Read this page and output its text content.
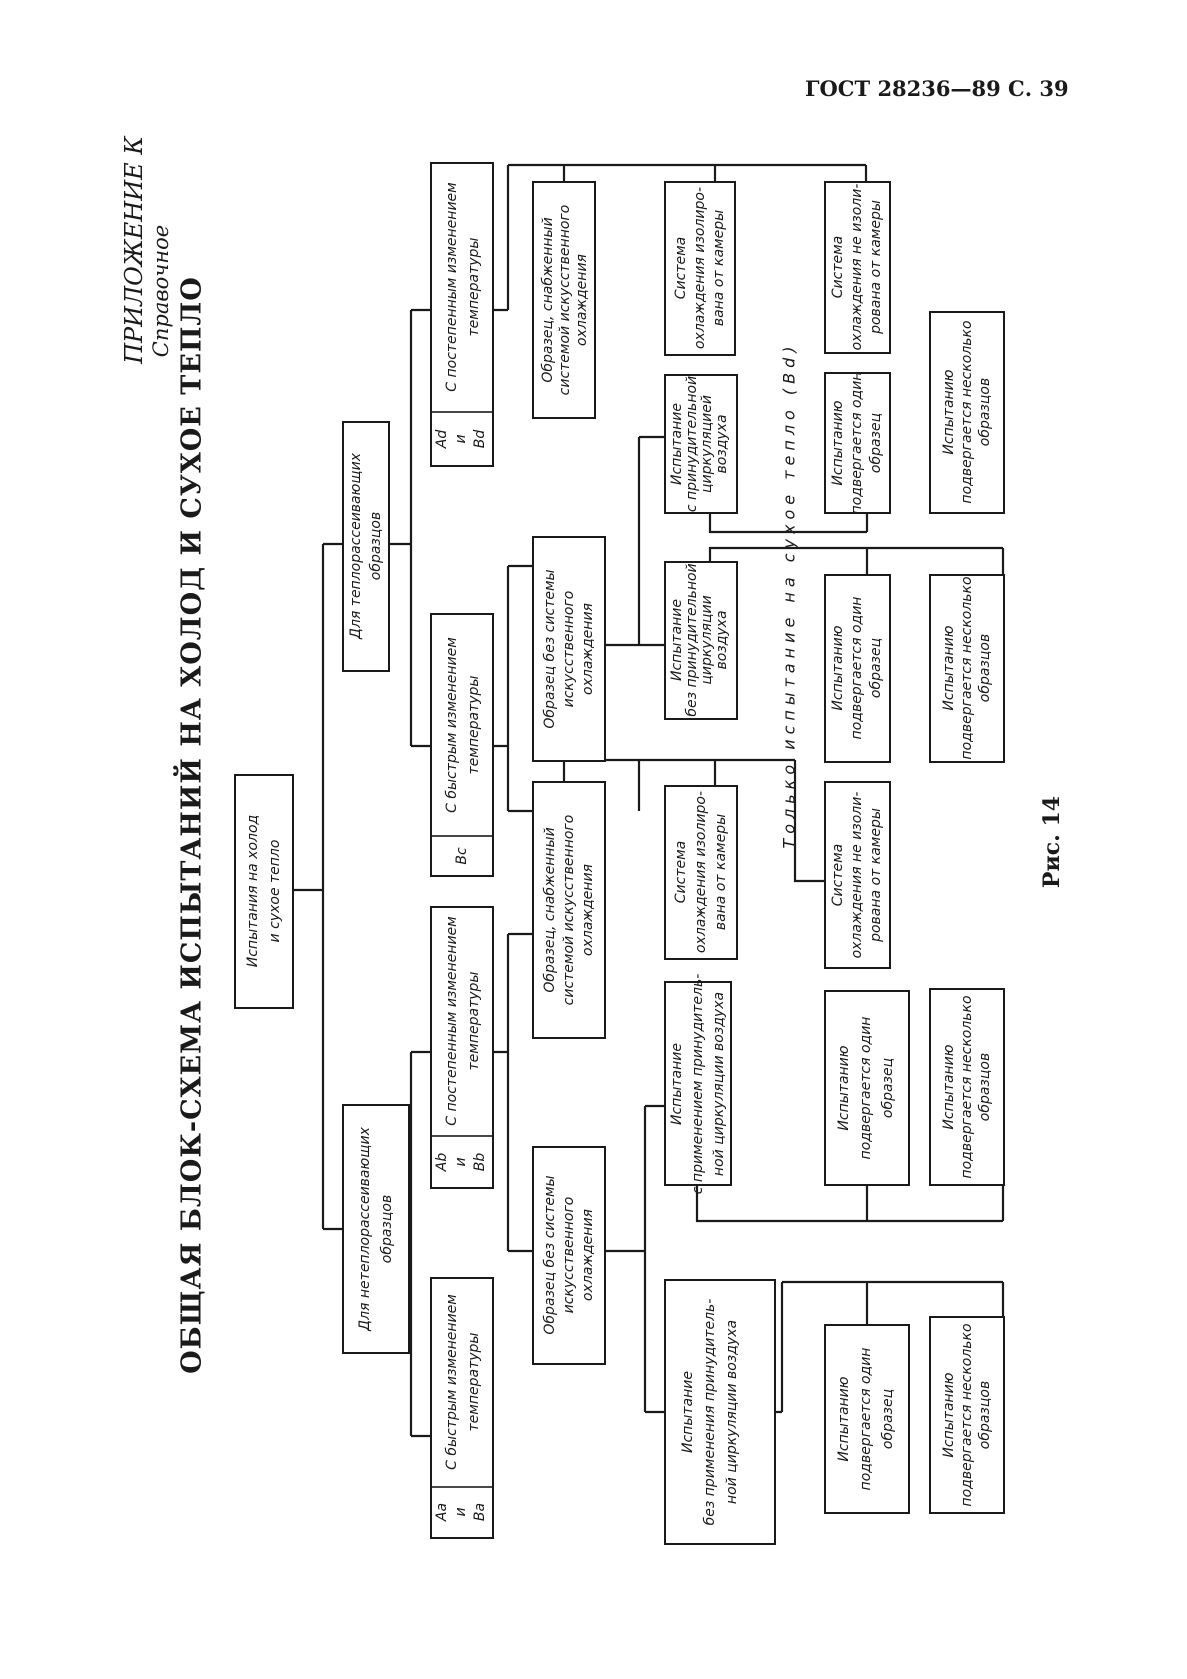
ГОСТ 28236—89 С. 39
ПРИЛОЖЕНИЕ К Справочное ОБЩАЯ БЛОК-СХЕМА ИСПЫТАНИЙ НА ХОЛОД И СУХОЕ ТЕПЛО	Рис. 14
Только испытание на сухое тепло (Bd)
Испытания на холод и сухое тепло
Для нетеплорассеивающих образцов
Для теплорассеивающих образцов
Aa и Ba
С быстрым изменением температуры
Ab и Bb
С постепенным изменением температуры
Bc
С быстрым изменением температуры
Ad и Bd
С постепенным изменением температуры
Образец без системы искусственного охлаждения
Образец, снабженный системой искусственного охлаждения
Образец без системы искусственного охлаждения
Образец, снабженный системой искусственного охлаждения
Испытание без применения принудитель- ной циркуляции воздуха
Испытание с применением принудитель- ной циркуляции воздуха
Система охлаждения изолиро- вана от камеры
Испытание без принудительной циркуляции воздуха
Испытание с принудительной циркуляцией воздуха
Система охлаждения изолиро- вана от камеры
Испытанию подвергается один образец	Испытанию подвергается несколько образцов
Испытанию подвергается один образец	Испытанию подвергается несколько образцов
Система охлаждения не изоли- рована от камеры
Испытанию подвергается один образец	Испытанию подвергается несколько образцов
Испытанию подвергается один образец	Испытанию подвергается несколько образцов
Система охлаждения не изоли- рована от камеры
